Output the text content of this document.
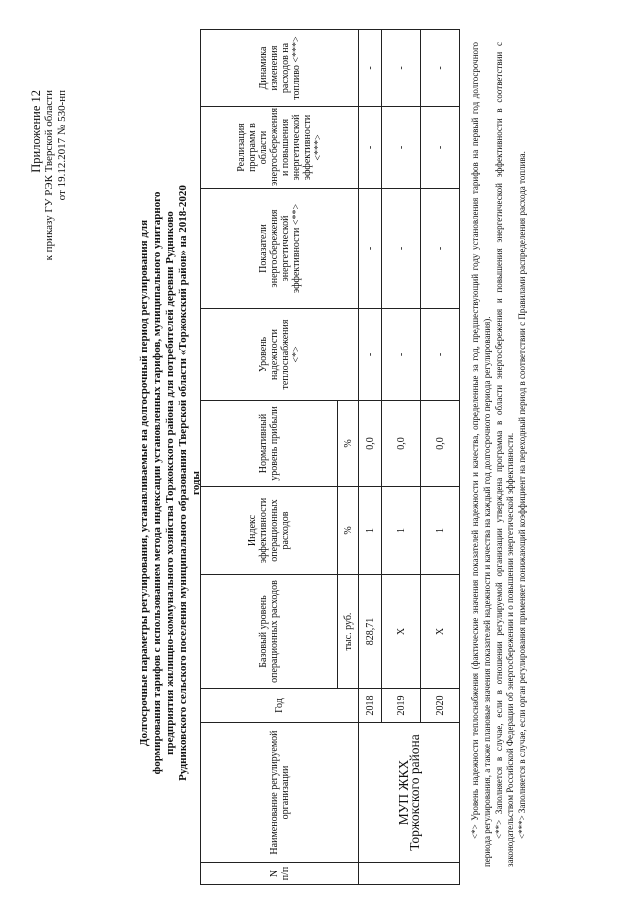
Приложение 12 к приказу ГУ РЭК Тверской области от 19.12.2017 № 530-нп
Долгосрочные параметры регулирования, устанавливаемые на долгосрочный период регулирования для формирования тарифов с использованием метода индексации установленных тарифов, муниципального унитарного предприятия жилищно-коммунального хозяйства Торжокского района для потребителей деревни Рудниково Рудниковского сельского поселения муниципального образования Тверской области «Торжокский район» на 2018-2020 годы
N п/п	Наименование регулируемой организации	Год	Базовый уровень операционных расходов	Индекс эффективности операционных расходов	Нормативный уровень прибыли	Уровень надежности теплоснабжения <*>	Показатели энергосбережения энергетической эффективности <**>	Реализация программ в области энергосбережения и повышения энергетической эффективности <***>	Динамика изменения расходов на топливо <***>
			тыс. руб.	%	%				
	МУП ЖКХ Торжокского района	2018	828,71	1	0,0	-	-	-	-
		2019	Х	1	0,0	-	-	-	-
		2020	Х	1	0,0	-	-	-	-	<*> Уровень надежности теплоснабжения (фактические значения показателей надежности и качества, определенные за год, предшествующий году установления тарифов на первый год долгосрочного периода регулирования, а также плановые значения показателей надежности и качества на каждый год долгосрочного периода регулирования). <**> Заполняется в случае, если в отношении регулируемой организации утверждена программа в области энергосбережения и повышения энергетической эффективности в соответствии с законодательством Российской Федерации об энергосбережении и о повышении энергетической эффективности. <***> Заполняется в случае, если орган регулирования применяет понижающий коэффициент на переходный период в соответствии с Правилами распределения расхода топлива.
